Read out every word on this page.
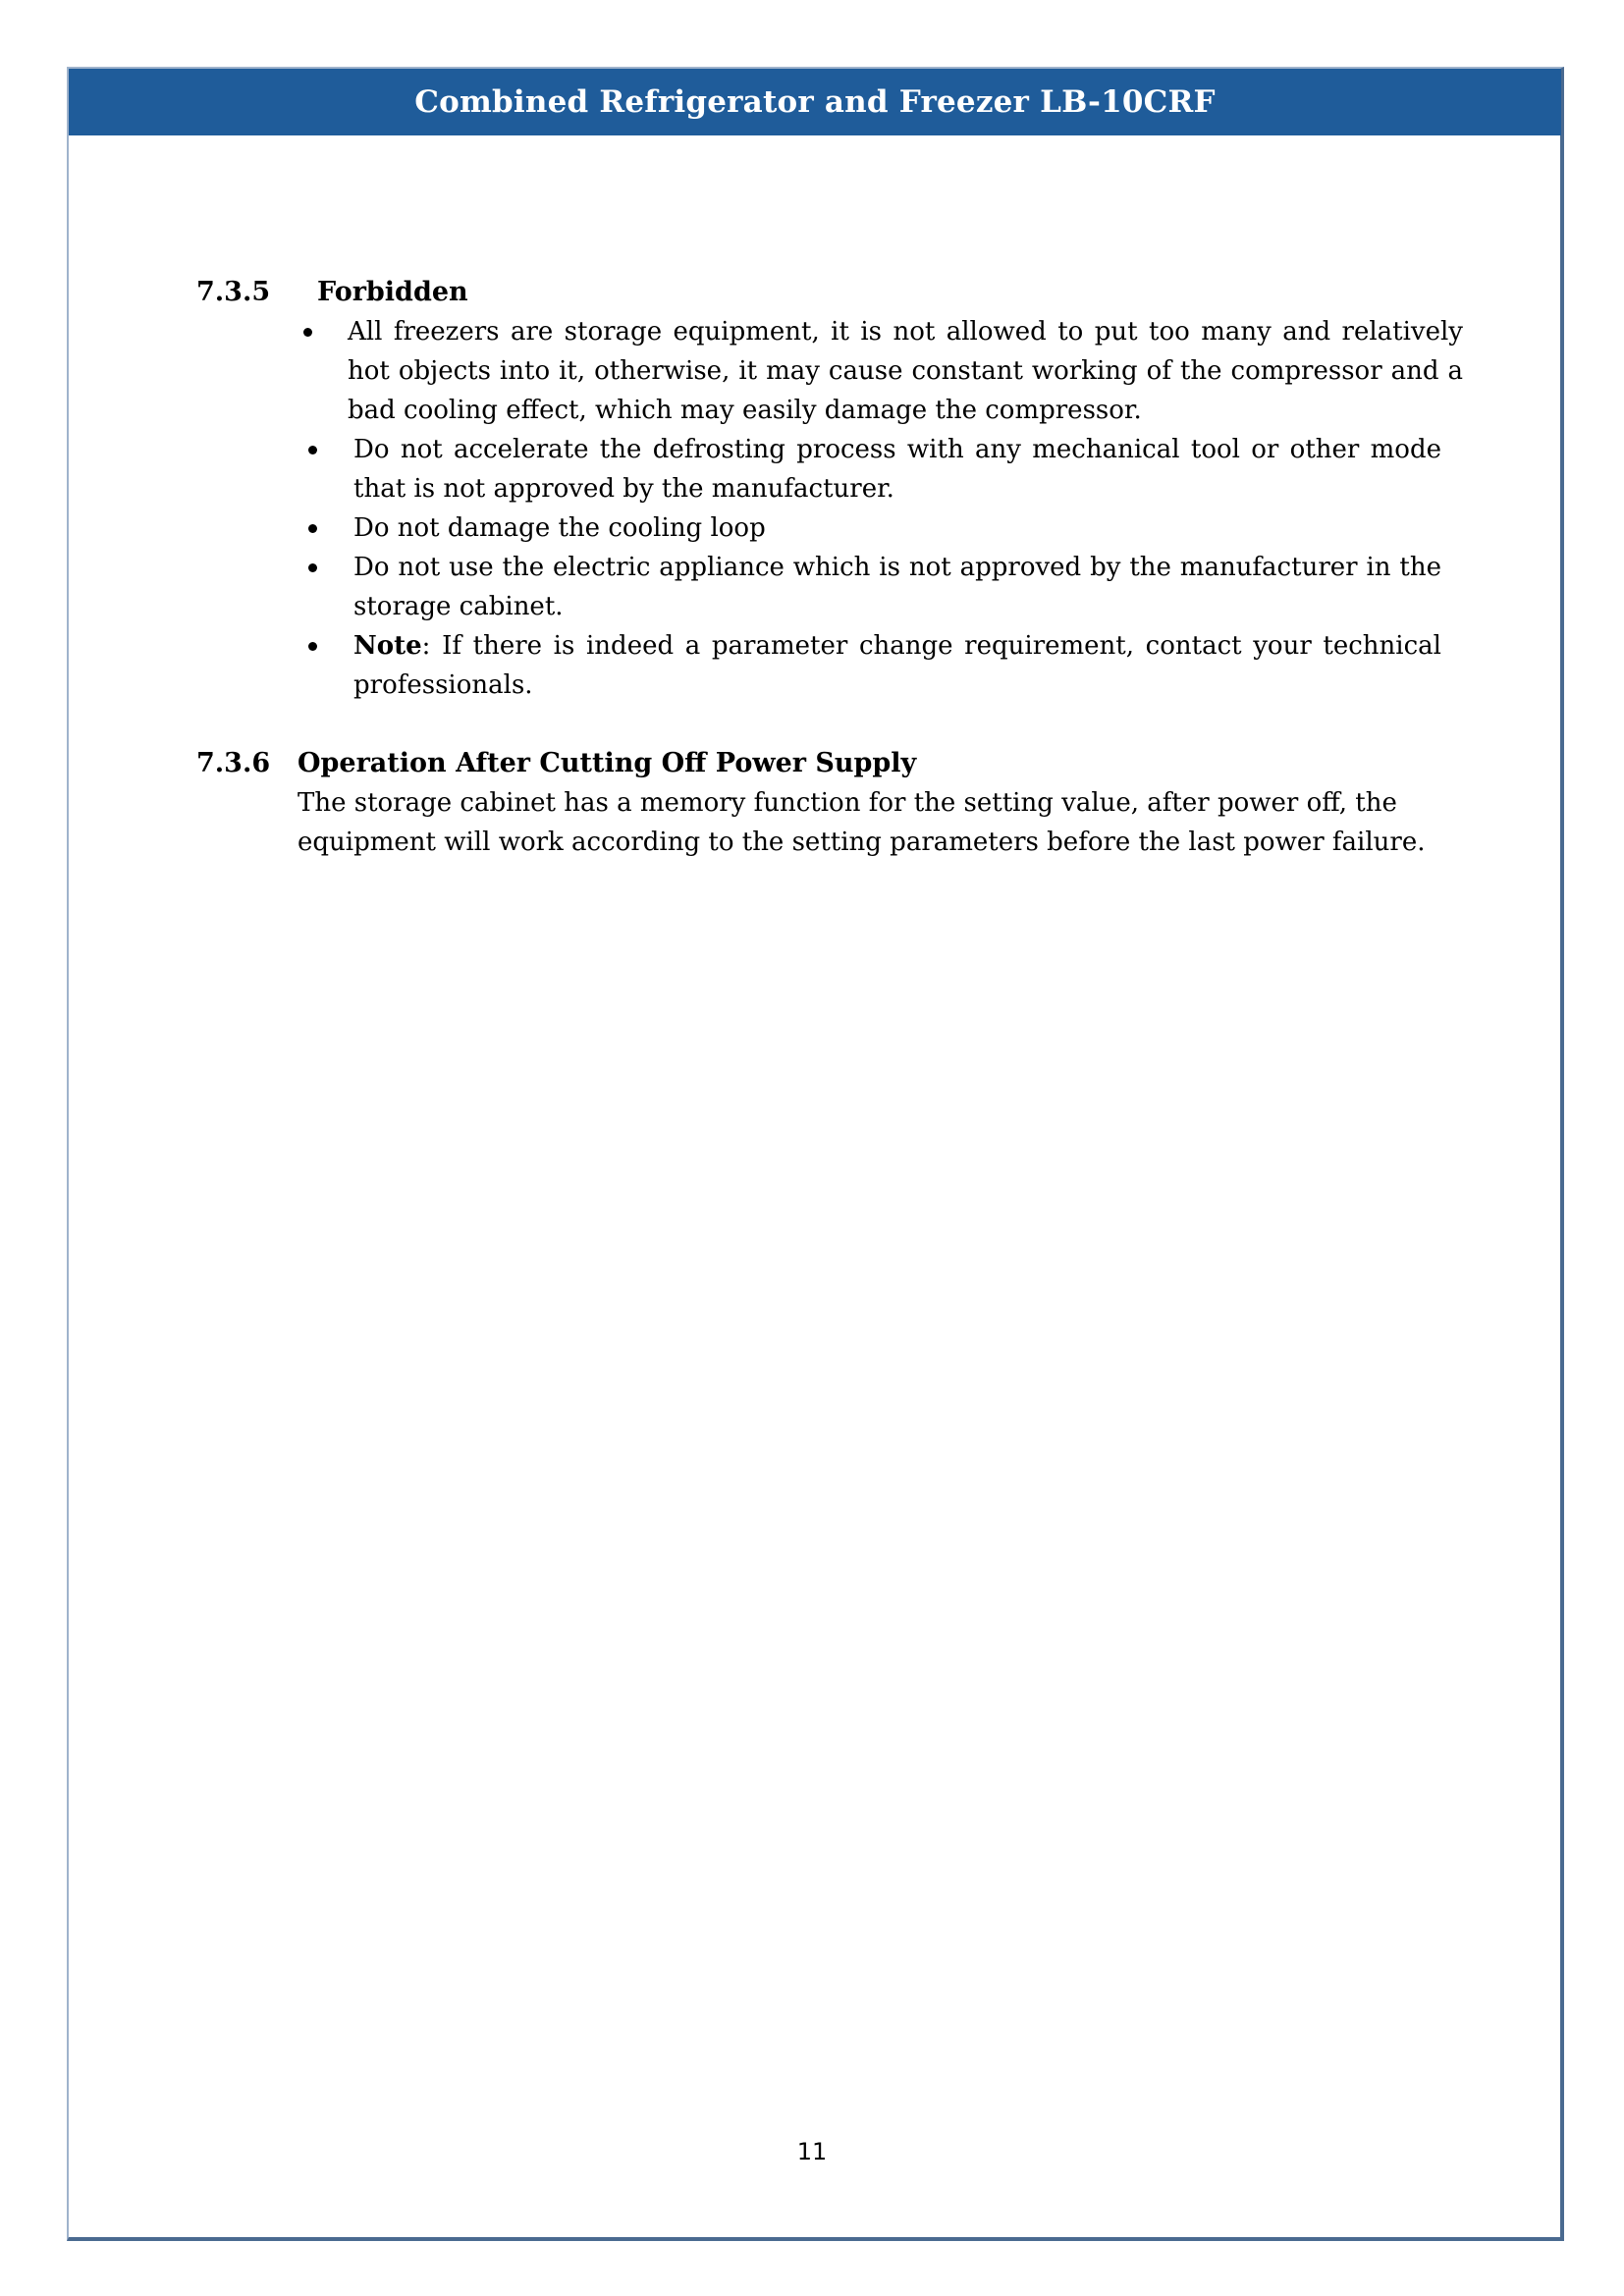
Combined Refrigerator and Freezer LB-10CRF
7.3.5	Forbidden
All freezers are storage equipment, it is not allowed to put too many and relatively hot objects into it, otherwise, it may cause constant working of the compressor and a bad cooling effect, which may easily damage the compressor.
Do not accelerate the defrosting process with any mechanical tool or other mode that is not approved by the manufacturer.
Do not damage the cooling loop
Do not use the electric appliance which is not approved by the manufacturer in the storage cabinet.
Note: If there is indeed a parameter change requirement, contact your technical professionals.
7.3.6	Operation After Cutting Off Power Supply

The storage cabinet has a memory function for the setting value, after power off, the equipment will work according to the setting parameters before the last power failure.

11
